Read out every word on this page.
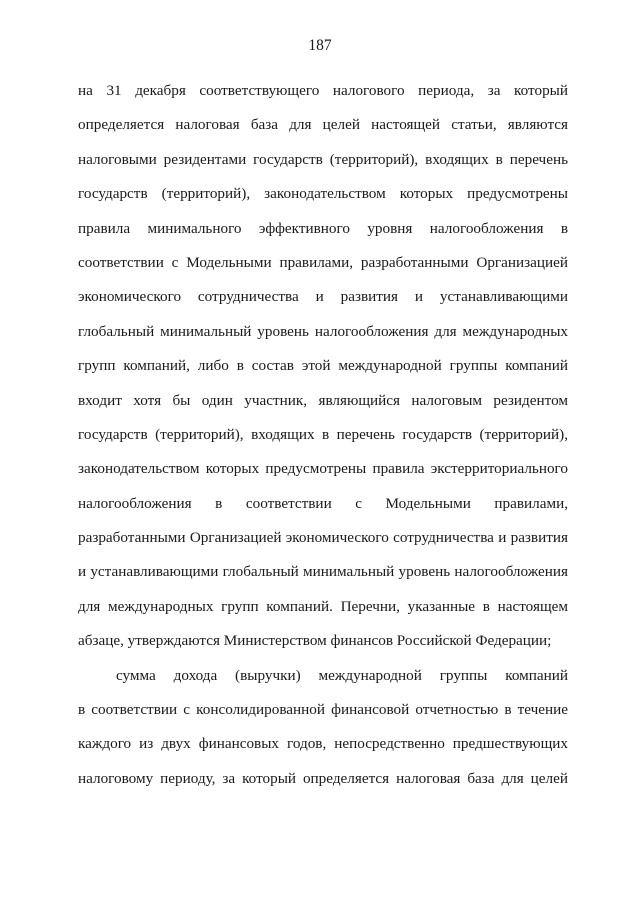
187
на 31 декабря соответствующего налогового периода, за который
определяется налоговая база для целей настоящей статьи, являются
налоговыми резидентами государств (территорий), входящих в перечень
государств (территорий), законодательством которых предусмотрены
правила минимального эффективного уровня налогообложения в
соответствии с Модельными правилами, разработанными Организацией
экономического сотрудничества и развития и устанавливающими
глобальный минимальный уровень налогообложения для международных
групп компаний, либо в состав этой международной группы компаний
входит хотя бы один участник, являющийся налоговым резидентом
государств (территорий), входящих в перечень государств (территорий),
законодательством которых предусмотрены правила экстерриториального
налогообложения в соответствии с Модельными правилами,
разработанными Организацией экономического сотрудничества и развития
и устанавливающими глобальный минимальный уровень налогообложения
для международных групп компаний. Перечни, указанные в настоящем
абзаце, утверждаются Министерством финансов Российской Федерации;
сумма дохода (выручки) международной группы компаний
в соответствии с консолидированной финансовой отчетностью в течение
каждого из двух финансовых годов, непосредственно предшествующих
налоговому периоду, за который определяется налоговая база для целей
